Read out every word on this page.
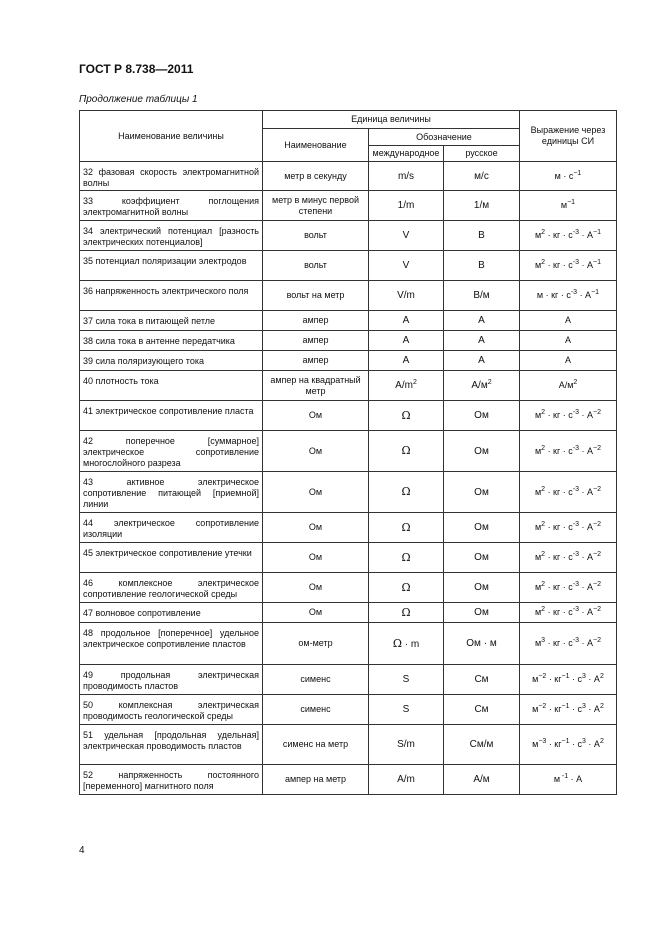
ГОСТ Р 8.738—2011
Продолжение таблицы 1
Наименование величины	Единица величины			Выражение через единицы СИ
	Наименование	Обозначение		
		международное	русское	
32 фазовая скорость электромагнитной волны	метр в секунду	m/s	м/с	$м \cdot с^{-1}$
33 коэффициент поглощения электромагнитной волны	метр в минус первой степени	1/m	1/м	$м^{-1}$
34 электрический потенциал [разность электрических потенциалов]	вольт	V	В	$м^2$ · кг · $с^{-3} \cdot А^{-1}$
35 потенциал поляризации электродов	вольт	V	В	$м^2$ · кг · $с^{-3} \cdot А^{-1}$
36 напряженность электрического поля	вольт на метр	V/m	В/м	м · кг · $с^{-3} \cdot А^{-1}$
37 сила тока в питающей петле	ампер	A	А	А
38 сила тока в антенне передатчика	ампер	A	А	А
39 сила поляризующего тока	ампер	A	А	А
40 плотность тока	ампер на квадратный метр	$A/m^2$	$А/м^2$	$А/м^2$
41 электрическое сопротивление пласта	Ом	Ω	Ом	$м^2$ · кг · $с^{-3} \cdot А^{-2}$
42 поперечное [суммарное] электрическое сопротивление многослойного разреза	Ом	Ω	Ом	$м^2$ · кг · $с^{-3} \cdot А^{-2}$
43 активное электрическое сопротивление питающей [приемной] линии	Ом	Ω	Ом	$м^2$ · кг · $с^{-3} \cdot А^{-2}$
44 электрическое сопротивление изоляции	Ом	Ω	Ом	$м^2$ · кг · $с^{-3} \cdot А^{-2}$
45 электрическое сопротивление утечки	Ом	Ω	Ом	$м^2$ · кг · $с^{-3} \cdot А^{-2}$
46 комплексное электрическое сопротивление геологической среды	Ом	Ω	Ом	$м^2$ · кг · $с^{-3} \cdot А^{-2}$
47 волновое сопротивление	Ом	Ω	Ом	$м^2$ · кг · $с^{-3} \cdot А^{-2}$
48 продольное [поперечное] удельное электрическое сопротивление пластов	ом-метр	Ω · m	Ом · м	$м^3$ · кг · $с^{-3} \cdot А^{-2}$
49 продольная электрическая проводимость пластов	сименс	S	См	$м^{-2} \cdot кг^{-1} \cdot с^3 \cdot А^2$
50 комплексная электрическая проводимость геологической среды	сименс	S	См	$м^{-2} \cdot кг^{-1} \cdot с^3 \cdot А^2$
51 удельная [продольная удельная] электрическая проводимость пластов	сименс на метр	S/m	См/м	$м^{-3} \cdot кг^{-1} \cdot с^3 \cdot А^2$
52 напряженность постоянного [переменного] магнитного поля	ампер на метр	A/m	А/м	м $^{-1}$ · А
4
